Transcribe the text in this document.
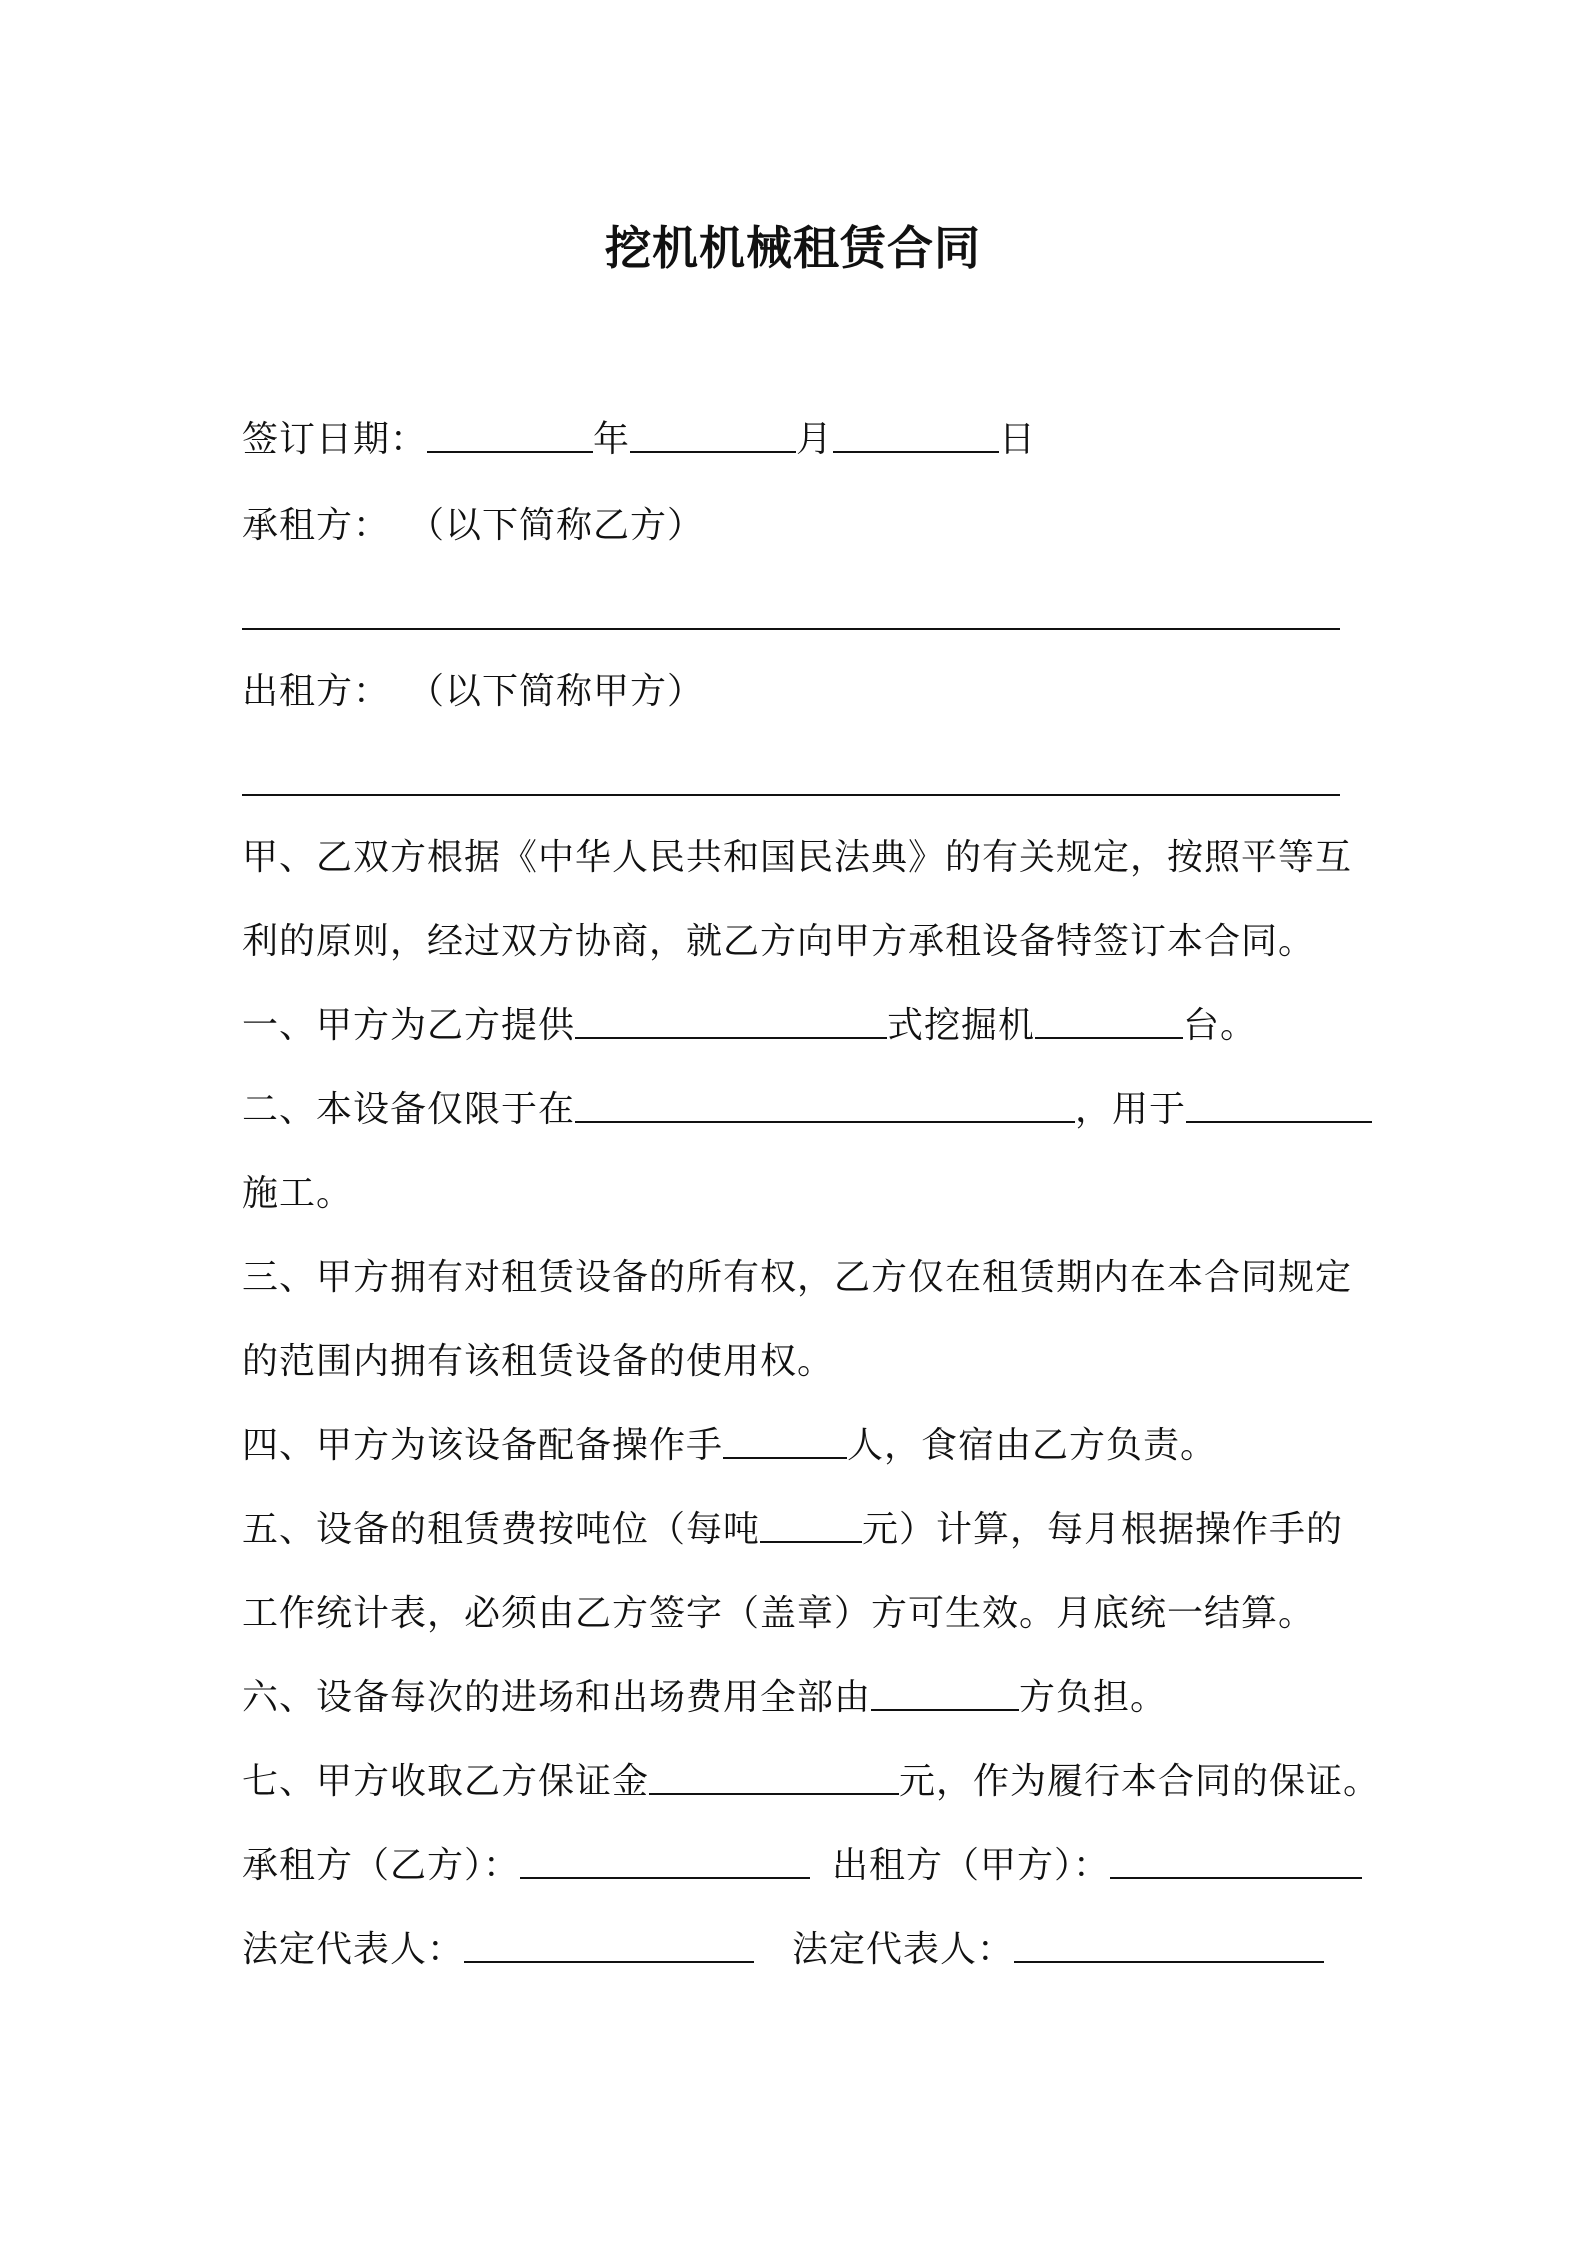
挖机机械租赁合同
签订日期：	年	月	日
承租方： （以下简称乙方）
出租方： （以下简称甲方）
甲、乙双方根据《中华人民共和国民法典》的有关规定，按照平等互
利的原则，经过双方协商，就乙方向甲方承租设备特签订本合同。
一、甲方为乙方提供	式挖掘机	台。
二、本设备仅限于在	，用于
施工。
三、甲方拥有对租赁设备的所有权，乙方仅在租赁期内在本合同规定
的范围内拥有该租赁设备的使用权。
四、甲方为该设备配备操作手	人，食宿由乙方负责。
五、设备的租赁费按吨位（每吨	元）计算，每月根据操作手的
工作统计表，必须由乙方签字（盖章）方可生效。月底统一结算。
六、设备每次的进场和出场费用全部由	方负担。
七、甲方收取乙方保证金	元，作为履行本合同的保证。
承租方（乙方）：	出租方（甲方）：
法定代表人：	法定代表人：
